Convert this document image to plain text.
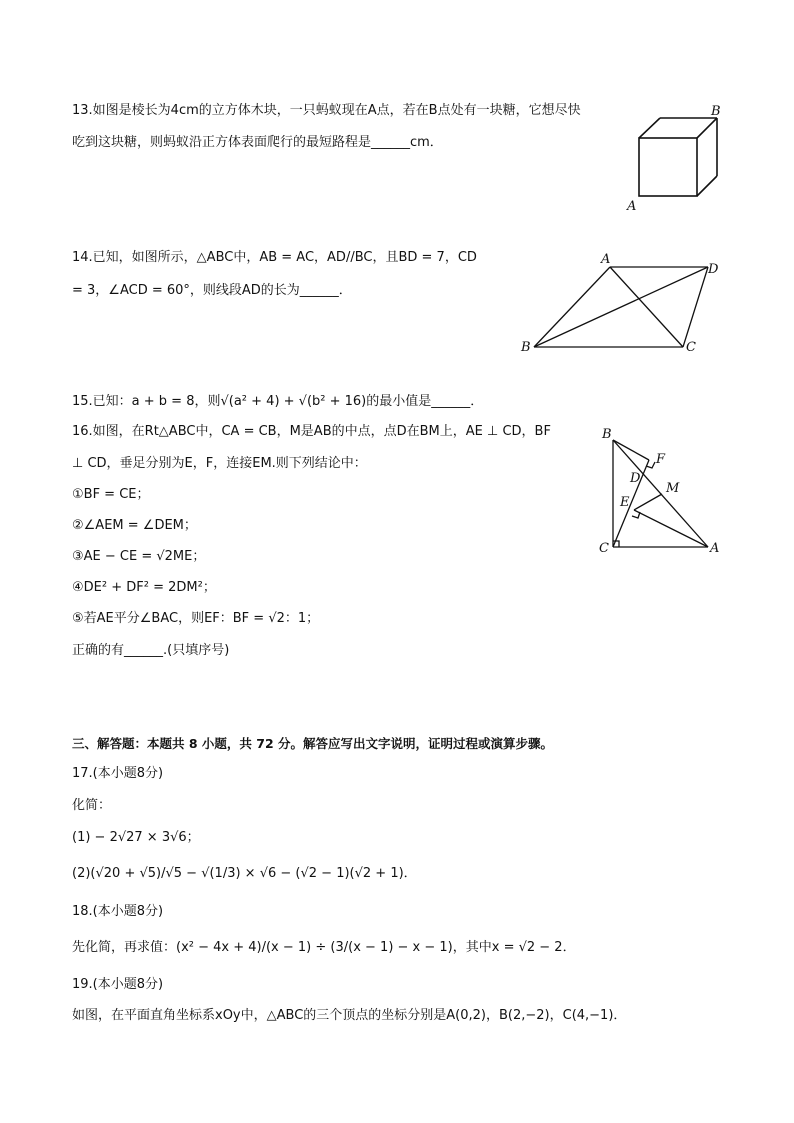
13.如图是棱长为4cm的立方体木块，一只蚂蚁现在A点，若在B点处有一块糖，它想尽快
吃到这块糖，则蚂蚁沿正方体表面爬行的最短路程是______cm．
B
A
14.已知，如图所示，△ABC中，AB = AC，AD//BC，且BD = 7，CD
= 3，∠ACD = 60°，则线段AD的长为______．
A
D
B	C
15.已知：a + b = 8，则√(a² + 4) + √(b² + 16)的最小值是______．
16.如图，在Rt△ABC中，CA = CB，M是AB的中点，点D在BM上，AE ⊥ CD，BF
⊥ CD，垂足分别为E，F，连接EM.则下列结论中：
①BF = CE；
②∠AEM = ∠DEM；
③AE − CE = √2ME；
④DE² + DF² = 2DM²；
⑤若AE平分∠BAC，则EF：BF = √2：1；
正确的有______.(只填序号)
B
F
D
M
E
C	A
三、解答题：本题共 8 小题，共 72 分。解答应写出文字说明，证明过程或演算步骤。
17.(本小题8分)
化简：
(1) − 2√27 × 3√6；
(2)(√20 + √5)/√5 − √(1/3) × √6 − (√2 − 1)(√2 + 1)．
18.(本小题8分)
先化简，再求值：(x² − 4x + 4)/(x − 1) ÷ (3/(x − 1) − x − 1)，其中x = √2 − 2．
19.(本小题8分)
如图，在平面直角坐标系xOy中，△ABC的三个顶点的坐标分别是A(0,2)，B(2,−2)，C(4,−1)．
